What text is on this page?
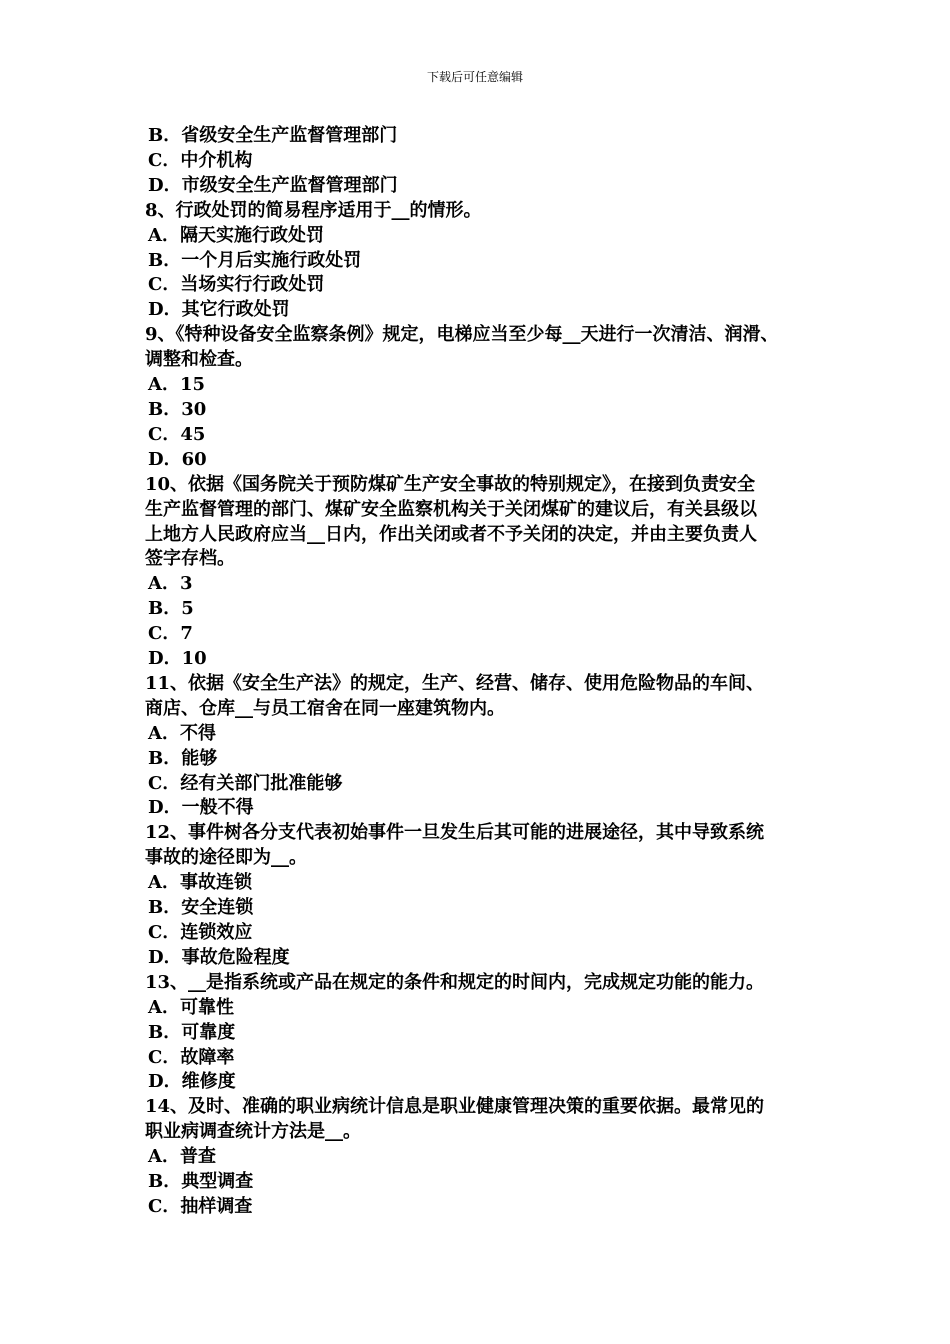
下载后可任意编辑
B．省级安全生产监督管理部门
C．中介机构
D．市级安全生产监督管理部门
8、行政处罚的简易程序适用于__的情形。
A．隔天实施行政处罚
B．一个月后实施行政处罚
C．当场实行行政处罚
D．其它行政处罚
9、《特种设备安全监察条例》规定，电梯应当至少每__天进行一次清洁、润滑、
调整和检查。
A．15
B．30
C．45
D．60
10、依据《国务院关于预防煤矿生产安全事故的特别规定》，在接到负责安全
生产监督管理的部门、煤矿安全监察机构关于关闭煤矿的建议后，有关县级以
上地方人民政府应当__日内，作出关闭或者不予关闭的决定，并由主要负责人
签字存档。
A．3
B．5
C．7
D．10
11、依据《安全生产法》的规定，生产、经营、储存、使用危险物品的车间、
商店、仓库__与员工宿舍在同一座建筑物内。
A．不得
B．能够
C．经有关部门批准能够
D．一般不得
12、事件树各分支代表初始事件一旦发生后其可能的进展途径，其中导致系统
事故的途径即为__。
A．事故连锁
B．安全连锁
C．连锁效应
D．事故危险程度
13、__是指系统或产品在规定的条件和规定的时间内，完成规定功能的能力。
A．可靠性
B．可靠度
C．故障率
D．维修度
14、及时、准确的职业病统计信息是职业健康管理决策的重要依据。最常见的
职业病调查统计方法是__。
A．普查
B．典型调查
C．抽样调查
